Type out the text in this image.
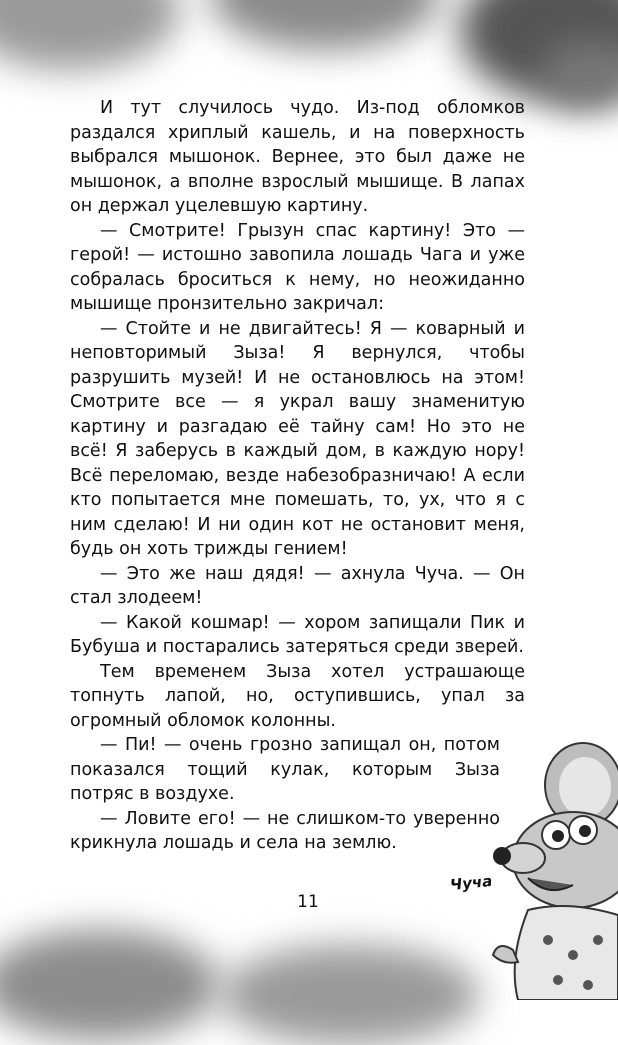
И тут случилось чудо. Из-под обломков раздался хриплый кашель, и на поверхность выбрался мышонок. Вернее, это был даже не мышонок, а вполне взрослый мышище. В лапах он держал уцелевшую картину.

— Смотрите! Грызун спас картину! Это — герой! — истошно завопила лошадь Чага и уже собралась броситься к нему, но неожиданно мышище пронзительно закричал:

— Стойте и не двигайтесь! Я — коварный и неповторимый Зыза! Я вернулся, чтобы разрушить музей! И не остановлюсь на этом! Смотрите все — я украл вашу знаменитую картину и разгадаю её тайну сам! Но это не всё! Я заберусь в каждый дом, в каждую нору! Всё переломаю, везде набезобразничаю! А если кто попытается мне помешать, то, ух, что я с ним сделаю! И ни один кот не остановит меня, будь он хоть трижды гением!

— Это же наш дядя! — ахнула Чуча. — Он стал злодеем!

— Какой кошмар! — хором запищали Пик и Бубуша и постарались затеряться среди зверей.

Тем временем Зыза хотел устрашающе топнуть лапой, но, оступившись, упал за огромный обломок колонны.

— Пи! — очень грозно запищал он, потом показался тощий кулак, которым Зыза потряс в воздухе.

— Ловите его! — не слишком-то уверенно крикнула лошадь и села на землю.

11
Чуча
